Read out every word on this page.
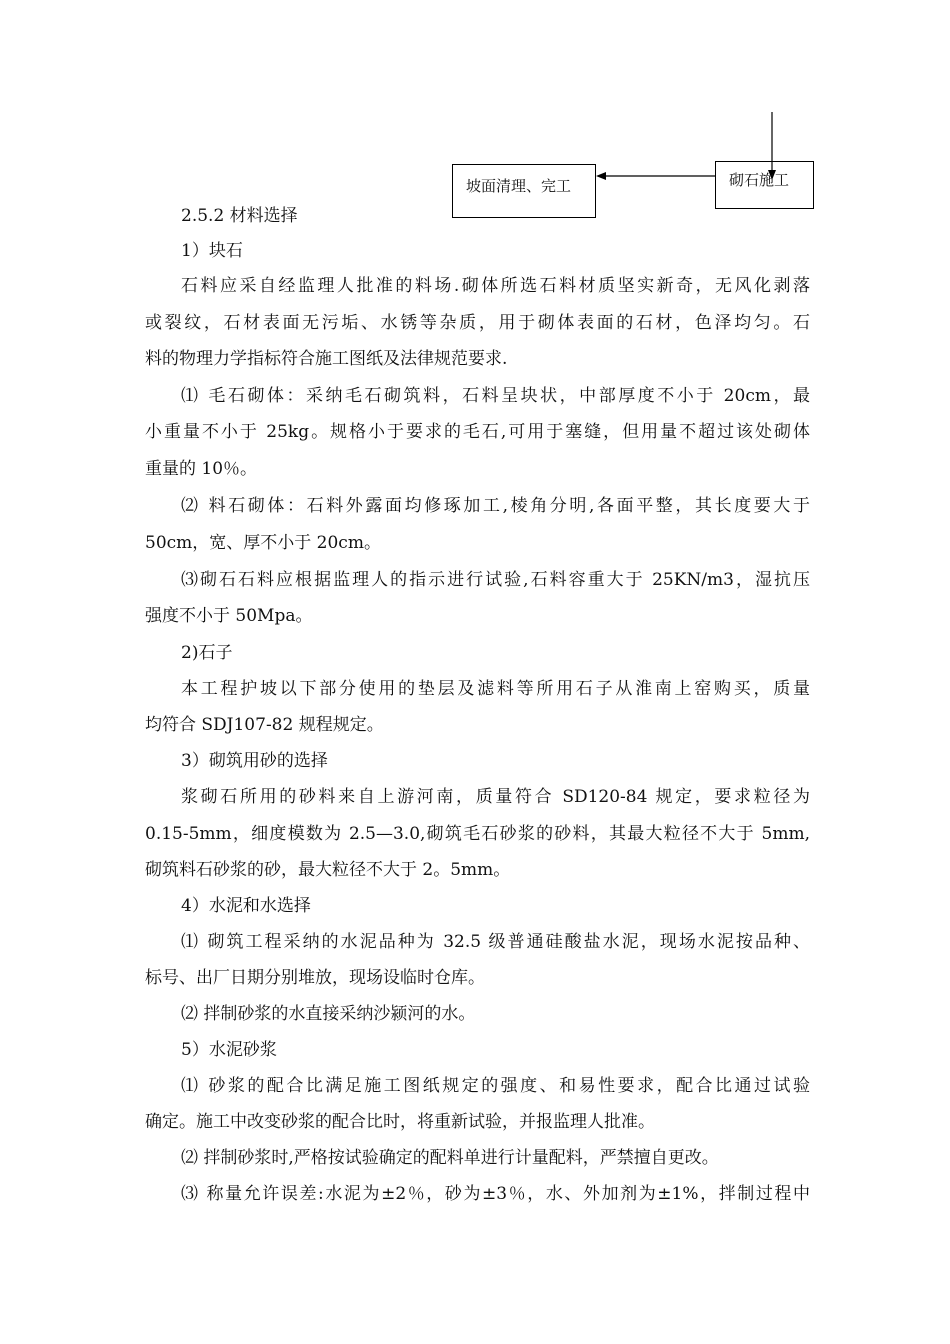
坡面清理、完工	砌石施工
2.5.2 材料选择
1）块石
石料应采自经监理人批准的料场.砌体所选石料材质坚实新奇，无风化剥落
或裂纹，石材表面无污垢、水锈等杂质，用于砌体表面的石材，色泽均匀。石
料的物理力学指标符合施工图纸及法律规范要求.
⑴ 毛石砌体：采纳毛石砌筑料，石料呈块状，中部厚度不小于 20cm，最
小重量不小于 25kg。规格小于要求的毛石,可用于塞缝，但用量不超过该处砌体
重量的 10％。
⑵ 料石砌体：石料外露面均修琢加工,棱角分明,各面平整，其长度要大于
50cm，宽、厚不小于 20cm。
⑶砌石石料应根据监理人的指示进行试验,石料容重大于 25KN/m3，湿抗压
强度不小于 50Mpa。
2)石子
本工程护坡以下部分使用的垫层及滤料等所用石子从淮南上窑购买，质量
均符合 SDJ107-82 规程规定。
3）砌筑用砂的选择
浆砌石所用的砂料来自上游河南，质量符合 SD120-84 规定，要求粒径为
0.15-5mm，细度模数为 2.5—3.0,砌筑毛石砂浆的砂料，其最大粒径不大于 5mm,
砌筑料石砂浆的砂，最大粒径不大于 2。5mm。
4）水泥和水选择
⑴ 砌筑工程采纳的水泥品种为 32.5 级普通硅酸盐水泥，现场水泥按品种、
标号、出厂日期分别堆放，现场设临时仓库。
⑵ 拌制砂浆的水直接采纳沙颍河的水。
5）水泥砂浆
⑴ 砂浆的配合比满足施工图纸规定的强度、和易性要求，配合比通过试验
确定。施工中改变砂浆的配合比时，将重新试验，并报监理人批准。
⑵ 拌制砂浆时,严格按试验确定的配料单进行计量配料，严禁擅自更改。
⑶ 称量允许误差:水泥为±2％，砂为±3％，水、外加剂为±1%，拌制过程中
